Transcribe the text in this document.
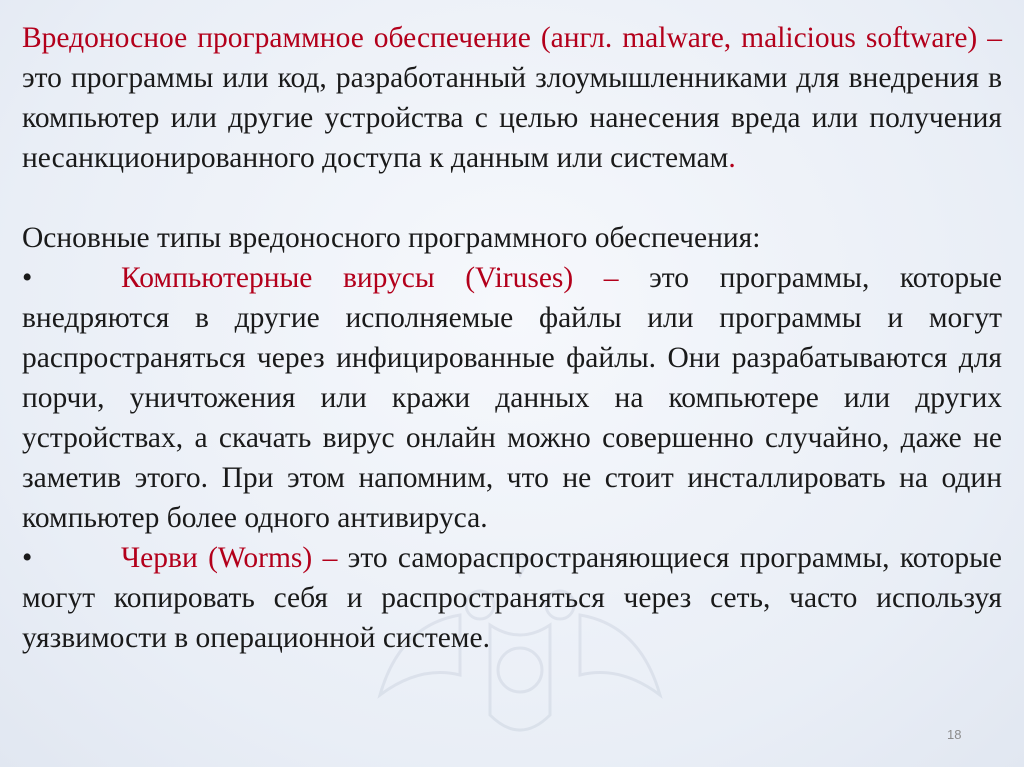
Вредоносное программное обеспечение (англ. malware, malicious software) – это программы или код, разработанный злоумышленниками для внедрения в компьютер или другие устройства с целью нанесения вреда или получения несанкционированного доступа к данным или системам.

Основные типы вредоносного программного обеспечения:

•	Компьютерные вирусы (Viruses) – это программы, которые внедряются в другие исполняемые файлы или программы и могут распространяться через инфицированные файлы. Они разрабатываются для порчи, уничтожения или кражи данных на компьютере или других устройствах, а скачать вирус онлайн можно совершенно случайно, даже не заметив этого. При этом напомним, что не стоит инсталлировать на один компьютер более одного антивируса.

•	Черви (Worms) – это самораспространяющиеся программы, которые могут копировать себя и распространяться через сеть, часто используя уязвимости в операционной системе.

18
